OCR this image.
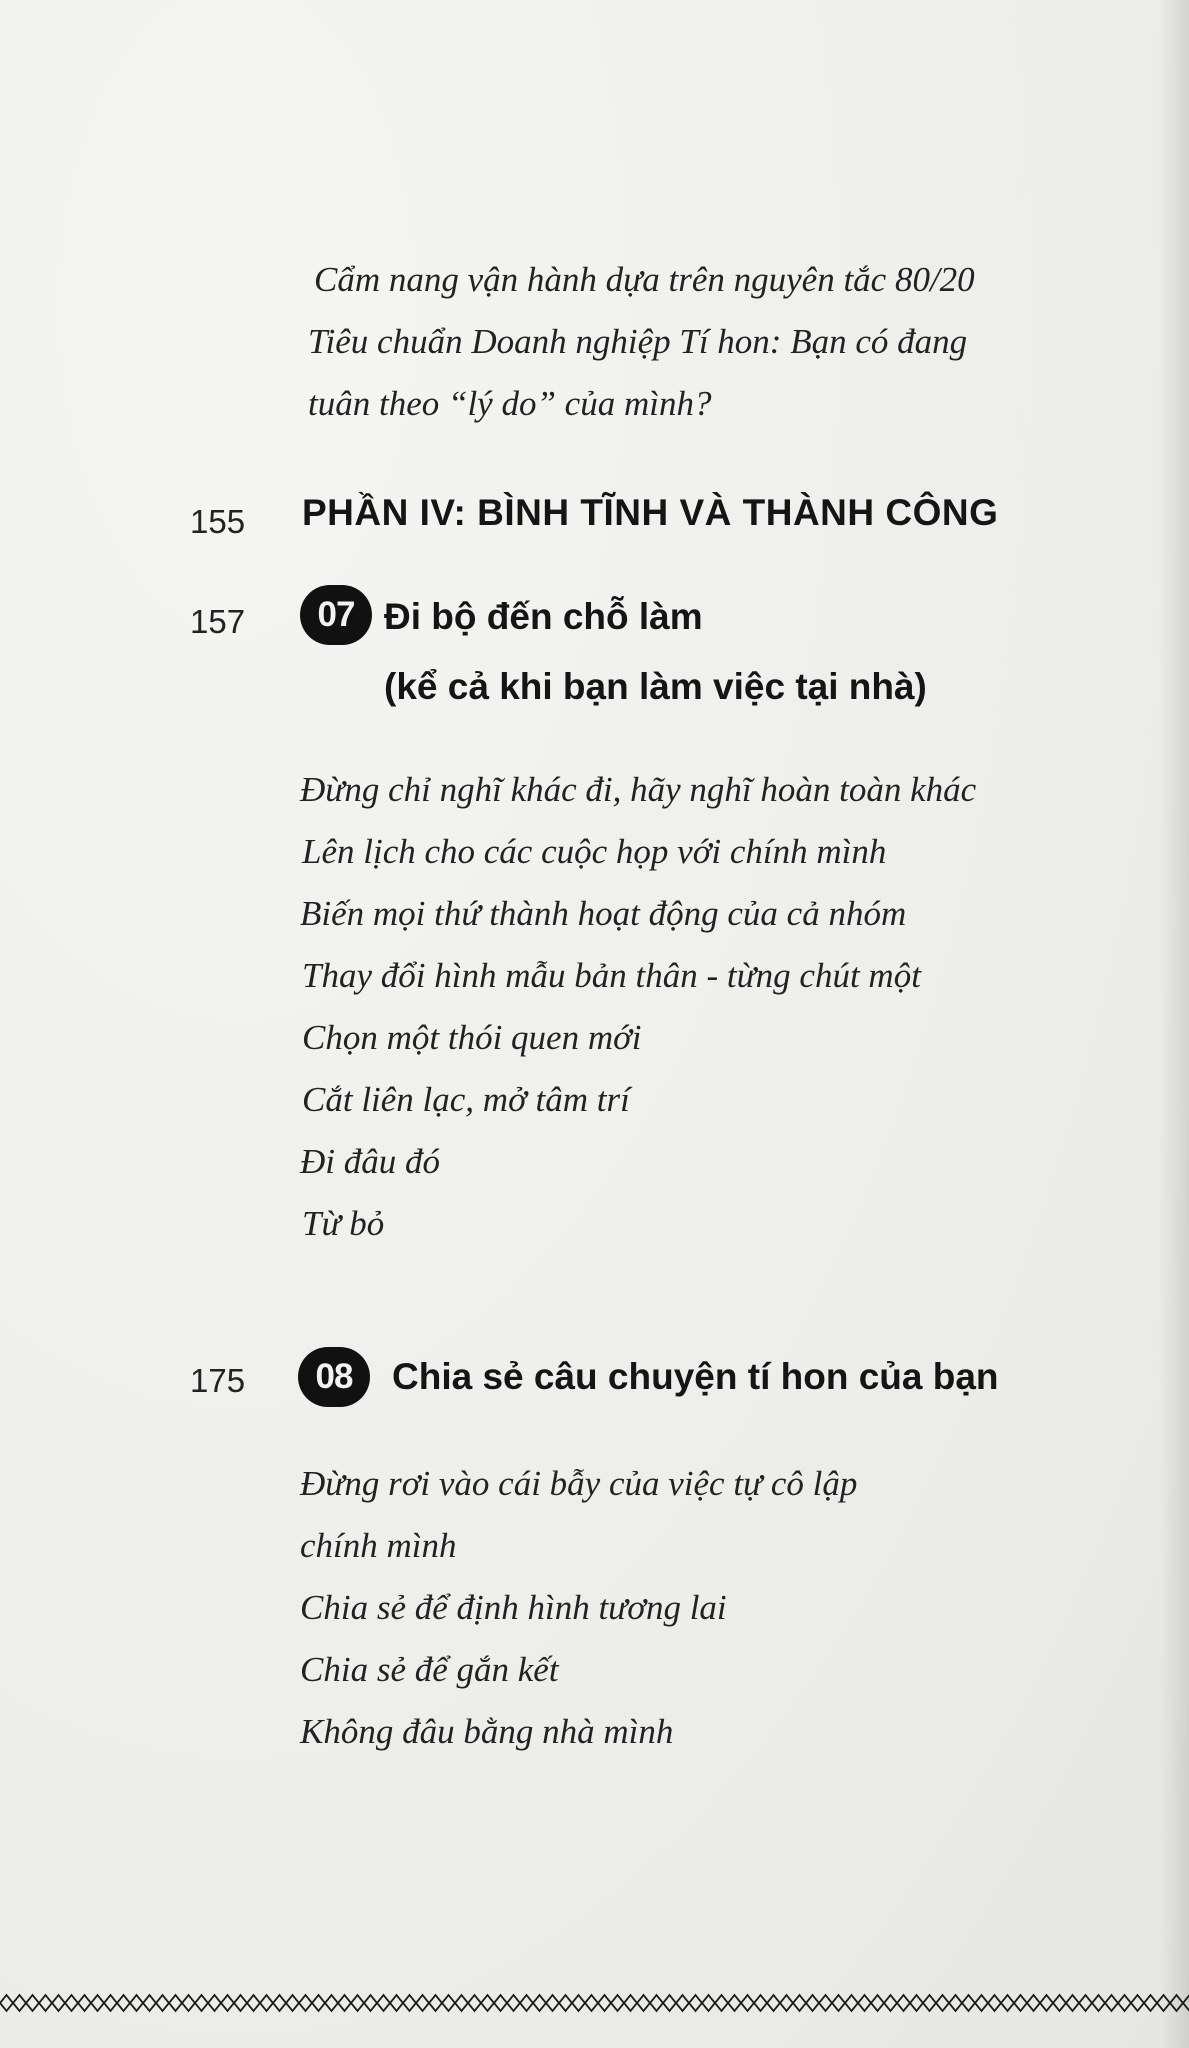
Cẩm nang vận hành dựa trên nguyên tắc 80/20
Tiêu chuẩn Doanh nghiệp Tí hon: Bạn có đang
tuân theo “lý do” của mình?
155 PHẦN IV: BÌNH TĨNH VÀ THÀNH CÔNG
157	07 Đi bộ đến chỗ làm
(kể cả khi bạn làm việc tại nhà)
Đừng chỉ nghĩ khác đi, hãy nghĩ hoàn toàn khác
Lên lịch cho các cuộc họp với chính mình
Biến mọi thứ thành hoạt động của cả nhóm
Thay đổi hình mẫu bản thân - từng chút một
Chọn một thói quen mới
Cắt liên lạc, mở tâm trí
Đi đâu đó
Từ bỏ
175	08	Chia sẻ câu chuyện tí hon của bạn
Đừng rơi vào cái bẫy của việc tự cô lập
chính mình
Chia sẻ để định hình tương lai
Chia sẻ để gắn kết
Không đâu bằng nhà mình
